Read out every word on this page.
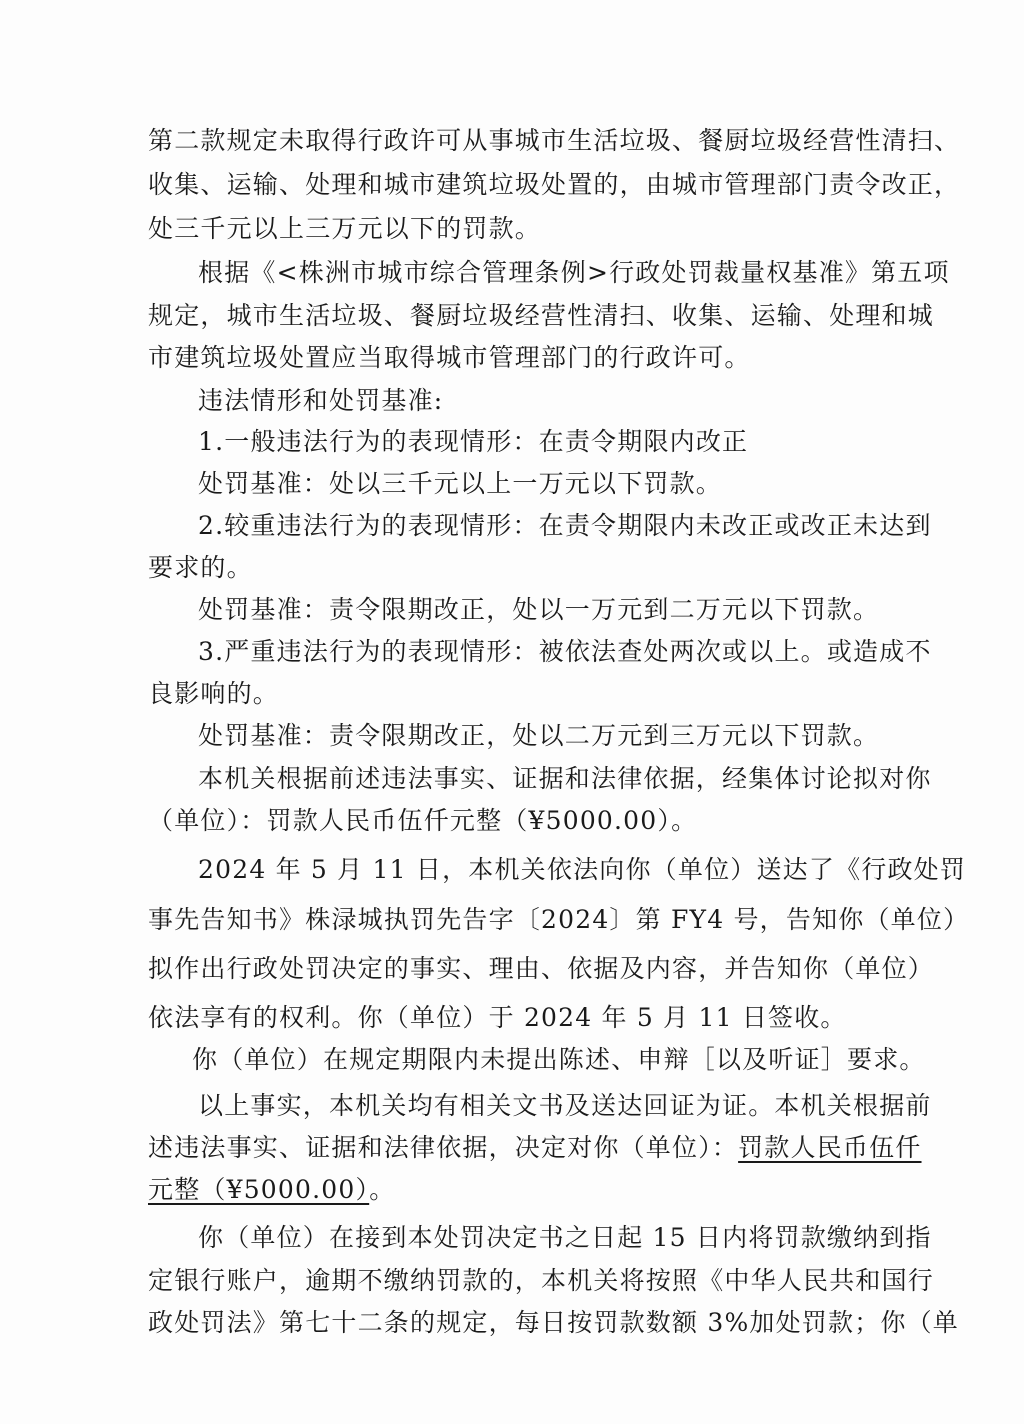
第二款规定未取得行政许可从事城市生活垃圾、餐厨垃圾经营性清扫、
收集、运输、处理和城市建筑垃圾处置的，由城市管理部门责令改正，
处三千元以上三万元以下的罚款。
根据《<株洲市城市综合管理条例>行政处罚裁量权基准》第五项
规定，城市生活垃圾、餐厨垃圾经营性清扫、收集、运输、处理和城
市建筑垃圾处置应当取得城市管理部门的行政许可。
违法情形和处罚基准:
1.一般违法行为的表现情形：在责令期限内改正
处罚基准：处以三千元以上一万元以下罚款。
2.较重违法行为的表现情形：在责令期限内未改正或改正未达到
要求的。
处罚基准：责令限期改正，处以一万元到二万元以下罚款。
3.严重违法行为的表现情形：被依法查处两次或以上。或造成不
良影响的。
处罚基准：责令限期改正，处以二万元到三万元以下罚款。
本机关根据前述违法事实、证据和法律依据，经集体讨论拟对你
（单位）：罚款人民币伍仟元整（¥5000.00）。
2024 年 5 月 11 日，本机关依法向你（单位）送达了《行政处罚
事先告知书》株渌城执罚先告字〔2024〕第 FY4 号，告知你（单位）
拟作出行政处罚决定的事实、理由、依据及内容，并告知你（单位）
依法享有的权利。你（单位）于 2024 年 5 月 11 日签收。
你（单位）在规定期限内未提出陈述、申辩［以及听证］要求。
以上事实，本机关均有相关文书及送达回证为证。本机关根据前
述违法事实、证据和法律依据，决定对你（单位）：罚款人民币伍仟
元整（¥5000.00）。
你（单位）在接到本处罚决定书之日起 15 日内将罚款缴纳到指
定银行账户，逾期不缴纳罚款的，本机关将按照《中华人民共和国行
政处罚法》第七十二条的规定，每日按罚款数额 3%加处罚款；你（单
